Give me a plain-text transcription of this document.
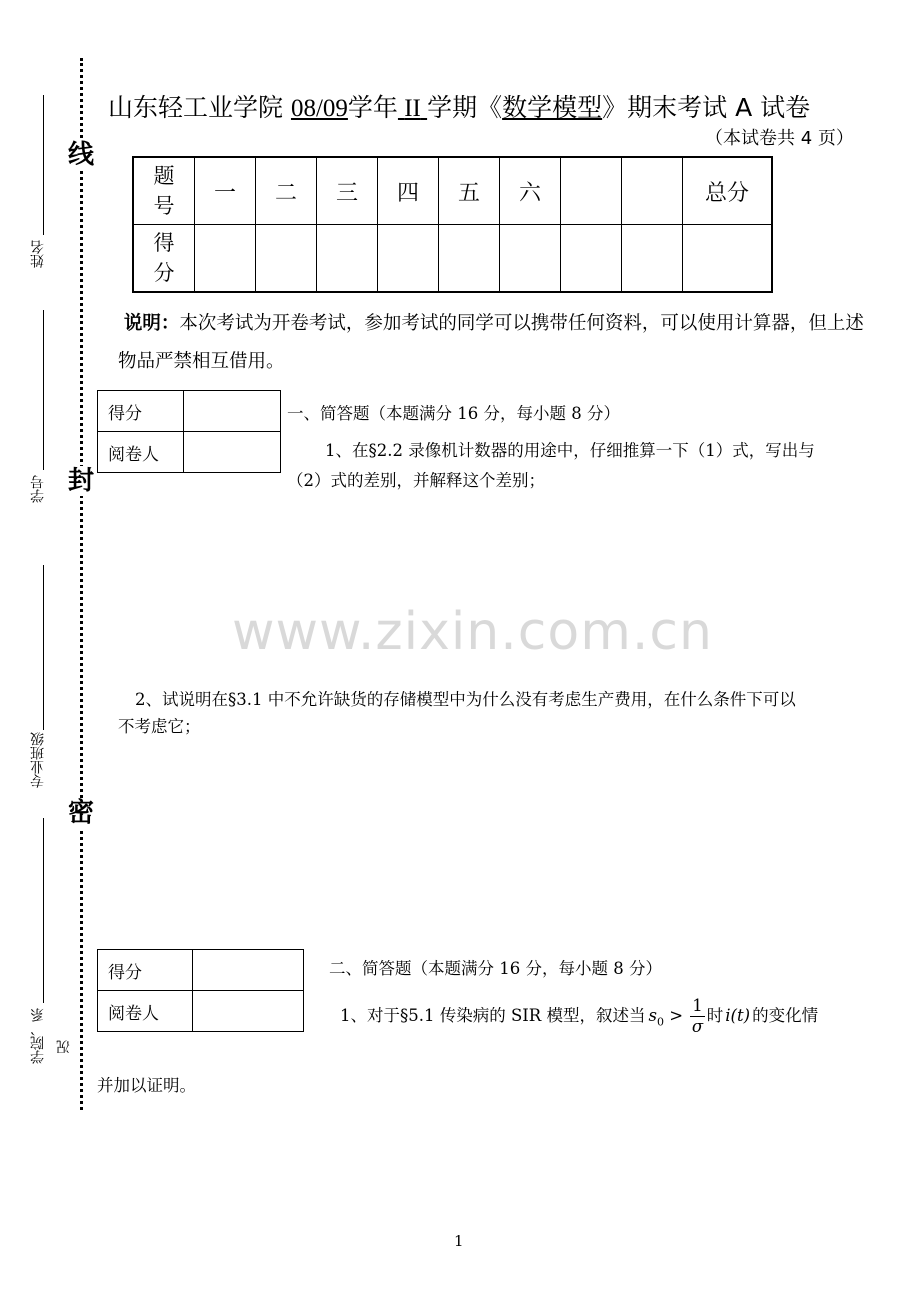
线
封
密
姓名
学号
专业班级
学院、系 况
山东轻工业学院 08/09学年 II 学期《数学模型》期末考试 A 试卷
（本试卷共 4 页）
题
号	一	二	三	四	五	六			总分
得
分									
说明：本次考试为开卷考试，参加考试的同学可以携带任何资料，可以使用计算器，但上述物品严禁相互借用。
得分	
阅卷人	
一、简答题（本题满分 16 分，每小题 8 分）
1、在§2.2 录像机计数器的用途中，仔细推算一下（1）式，写出与
（2）式的差别，并解释这个差别；
www.zixin.com.cn
2、试说明在§3.1 中不允许缺货的存储模型中为什么没有考虑生产费用，在什么条件下可以
不考虑它；
得分	
阅卷人	
二、简答题（本题满分 16 分，每小题 8 分）
1、对于§5.1 传染病的 SIR 模型，叙述当 $s_0 > \frac{1}{\sigma}$ 时 i(t) 的变化情
并加以证明。
1
